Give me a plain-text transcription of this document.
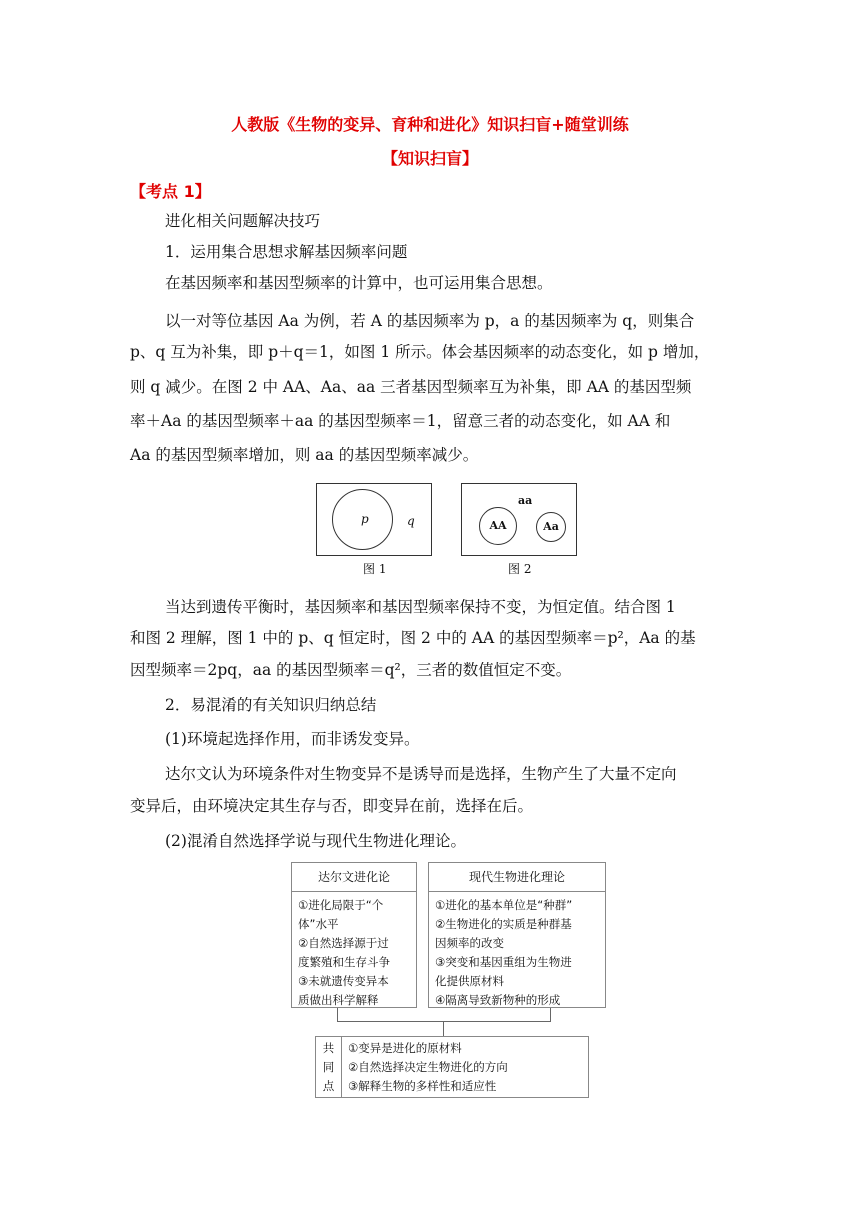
人教版《生物的变异、育种和进化》知识扫盲+随堂训练
【知识扫盲】
【考点 1】
进化相关问题解决技巧
1．运用集合思想求解基因频率问题
在基因频率和基因型频率的计算中，也可运用集合思想。
以一对等位基因 Aa 为例，若 A 的基因频率为 p，a 的基因频率为 q，则集合
p、q 互为补集，即 p＋q＝1，如图 1 所示。体会基因频率的动态变化，如 p 增加，
则 q 减少。在图 2 中 AA、Aa、aa 三者基因型频率互为补集，即 AA 的基因型频
率＋Aa 的基因型频率＋aa 的基因型频率＝1，留意三者的动态变化，如 AA 和
Aa 的基因型频率增加，则 aa 的基因型频率减少。
p	q
图 1
aa
AA	Aa
图 2
当达到遗传平衡时，基因频率和基因型频率保持不变，为恒定值。结合图 1
和图 2 理解，图 1 中的 p、q 恒定时，图 2 中的 AA 的基因型频率＝p²，Aa 的基
因型频率＝2pq，aa 的基因型频率＝q²，三者的数值恒定不变。
2．易混淆的有关知识归纳总结
(1)环境起选择作用，而非诱发变异。
达尔文认为环境条件对生物变异不是诱导而是选择，生物产生了大量不定向
变异后，由环境决定其生存与否，即变异在前，选择在后。
(2)混淆自然选择学说与现代生物进化理论。
达尔文进化论
①进化局限于“个
体”水平
②自然选择源于过
度繁殖和生存斗争
③未就遗传变异本
质做出科学解释
现代生物进化理论
①进化的基本单位是“种群”
②生物进化的实质是种群基
因频率的改变
③突变和基因重组为生物进
化提供原材料
④隔离导致新物种的形成
共
同
点
①变异是进化的原材料
②自然选择决定生物进化的方向
③解释生物的多样性和适应性
